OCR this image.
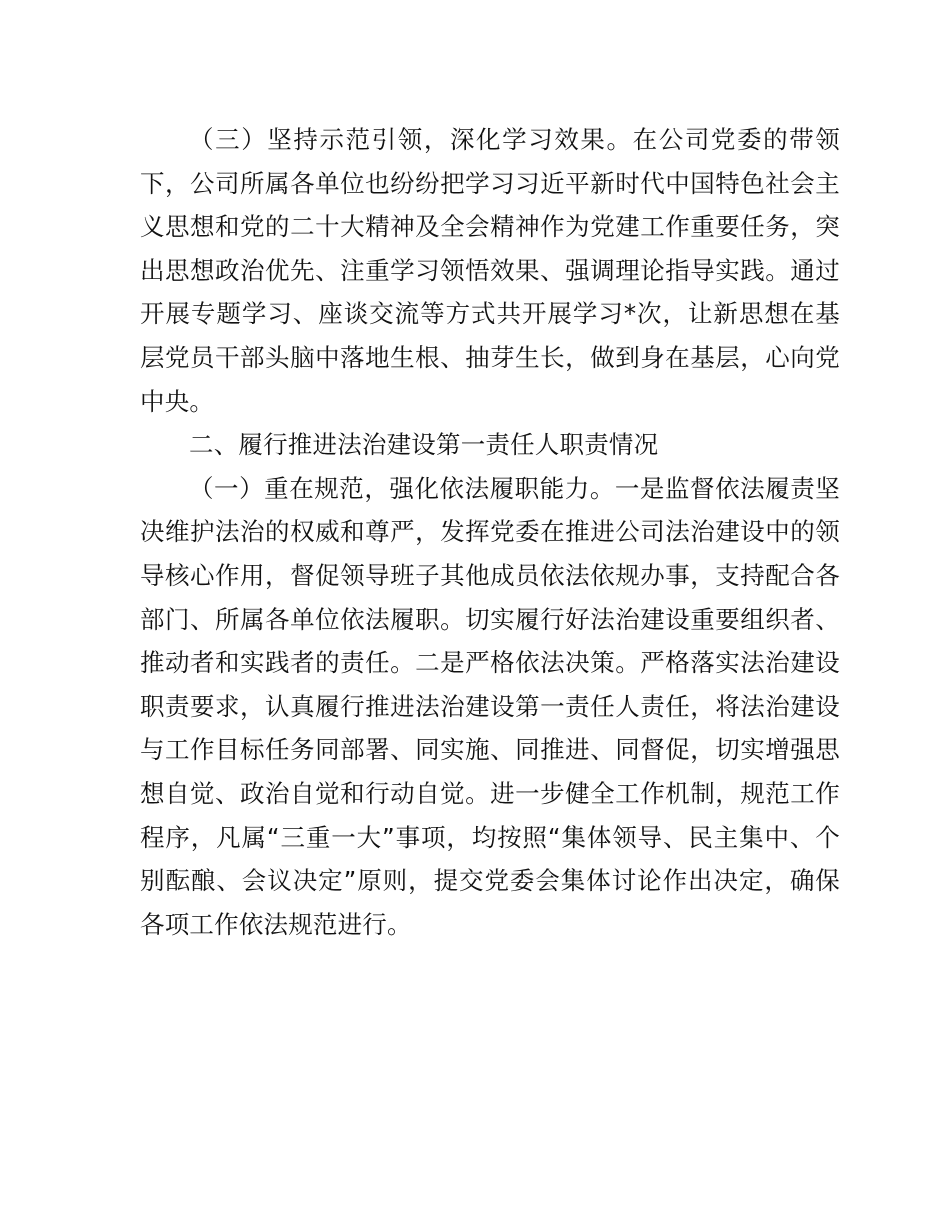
（三）坚持示范引领，深化学习效果。在公司党委的带领下，公司所属各单位也纷纷把学习习近平新时代中国特色社会主义思想和党的二十大精神及全会精神作为党建工作重要任务，突出思想政治优先、注重学习领悟效果、强调理论指导实践。通过开展专题学习、座谈交流等方式共开展学习*次，让新思想在基层党员干部头脑中落地生根、抽芽生长，做到身在基层，心向党中央。

二、履行推进法治建设第一责任人职责情况

（一）重在规范，强化依法履职能力。一是监督依法履责坚决维护法治的权威和尊严，发挥党委在推进公司法治建设中的领导核心作用，督促领导班子其他成员依法依规办事，支持配合各部门、所属各单位依法履职。切实履行好法治建设重要组织者、推动者和实践者的责任。二是严格依法决策。严格落实法治建设职责要求，认真履行推进法治建设第一责任人责任，将法治建设与工作目标任务同部署、同实施、同推进、同督促，切实增强思想自觉、政治自觉和行动自觉。进一步健全工作机制，规范工作程序，凡属“三重一大”事项，均按照“集体领导、民主集中、个别酝酿、会议决定”原则，提交党委会集体讨论作出决定，确保各项工作依法规范进行。
